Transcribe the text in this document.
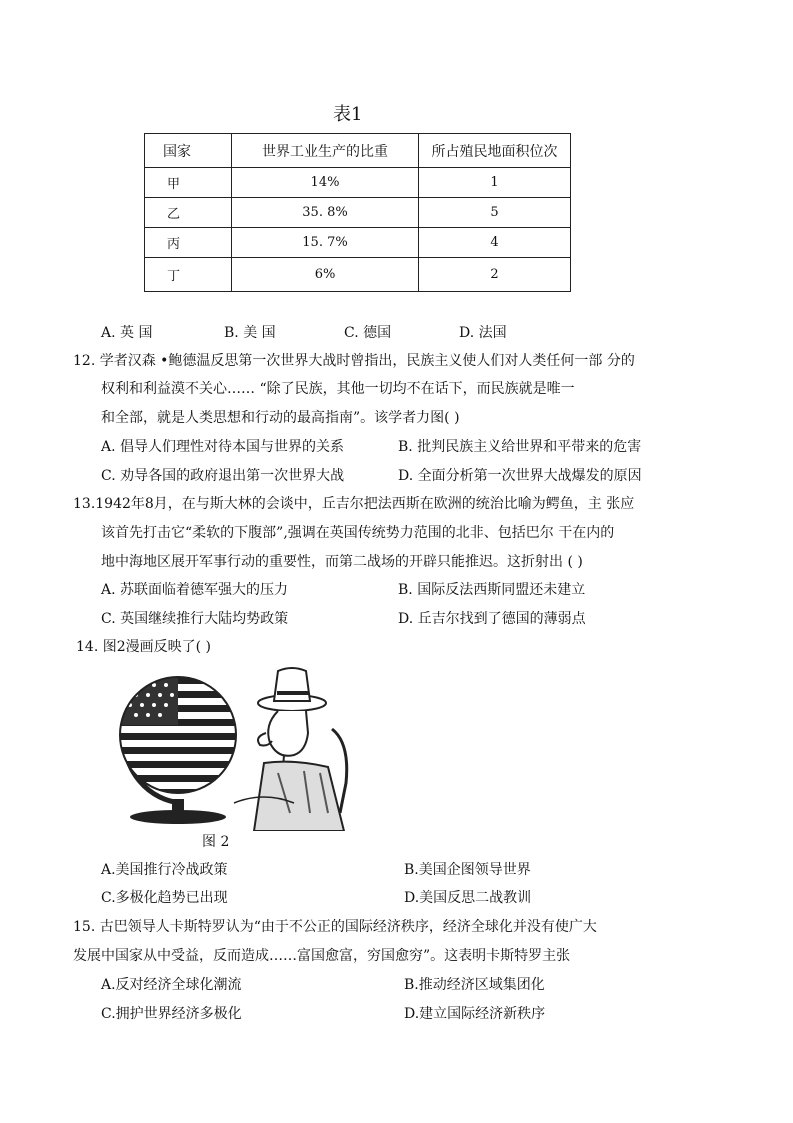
表1
国家	世界工业生产的比重	所占殖民地面积位次
甲	14%	1
乙	35. 8%	5
丙	15. 7%	4
丁	6%	2
A. 英 国	B. 美 国	C. 德国	D. 法国
12. 学者汉森 •鲍德温反思第一次世界大战时曾指出，民族主义使人们对人类任何一部 分的
权利和利益漠不关心…… “除了民族，其他一切均不在话下，而民族就是唯一
和全部，就是人类思想和行动的最高指南”。该学者力图( )
A. 倡导人们理性对待本国与世界的关系	B. 批判民族主义给世界和平带来的危害
C. 劝导各国的政府退出第一次世界大战	D. 全面分析第一次世界大战爆发的原因
13.1942年8月，在与斯大林的会谈中，丘吉尔把法西斯在欧洲的统治比喻为鳄鱼，主 张应
该首先打击它“柔软的下腹部”,强调在英国传统势力范围的北非、包括巴尔 干在内的
地中海地区展开军事行动的重要性，而第二战场的开辟只能推迟。这折射出 ( )
A. 苏联面临着德军强大的压力	B. 国际反法西斯同盟还未建立
C. 英国继续推行大陆均势政策	D. 丘吉尔找到了德国的薄弱点
14. 图2漫画反映了( )
图 2
A.美国推行冷战政策	B.美国企图领导世界
C.多极化趋势已出现	D.美国反思二战教训
15. 古巴领导人卡斯特罗认为“由于不公正的国际经济秩序，经济全球化并没有使广大
发展中国家从中受益，反而造成……富国愈富，穷国愈穷”。这表明卡斯特罗主张
A.反对经济全球化潮流	B.推动经济区域集团化
C.拥护世界经济多极化	D.建立国际经济新秩序
